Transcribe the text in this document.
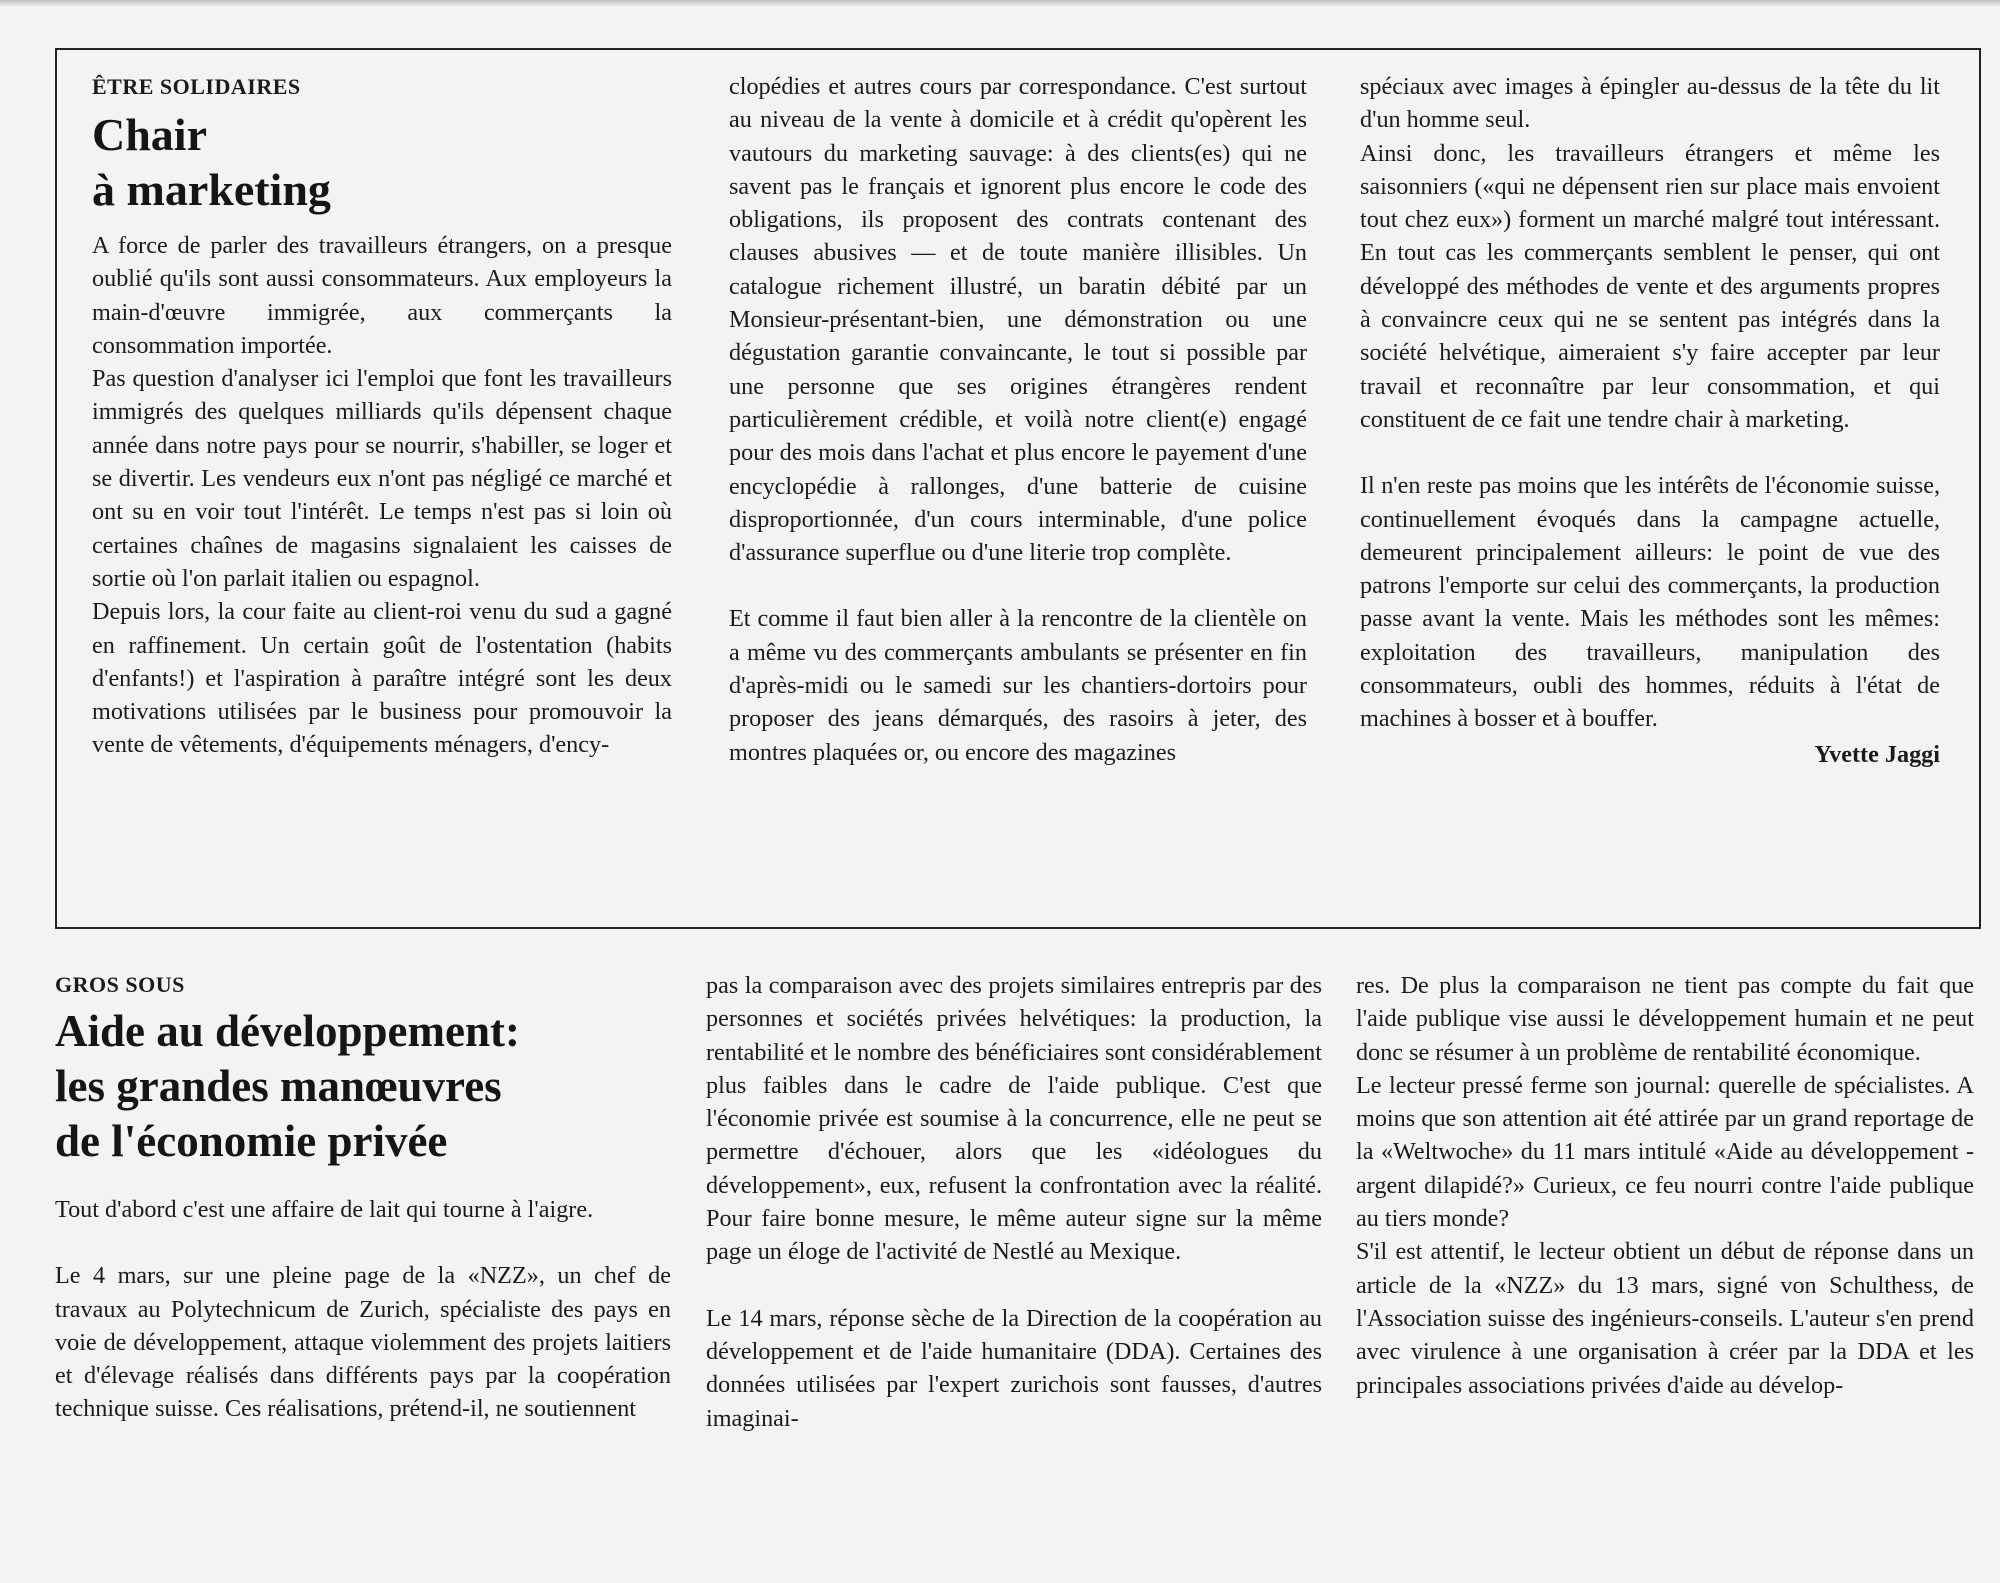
ÊTRE SOLIDAIRES
Chair
à marketing

A force de parler des travailleurs étrangers, on a presque oublié qu'ils sont aussi consommateurs. Aux employeurs la main-d'œuvre immigrée, aux commerçants la consommation importée.

Pas question d'analyser ici l'emploi que font les travailleurs immigrés des quelques milliards qu'ils dépensent chaque année dans notre pays pour se nourrir, s'habiller, se loger et se divertir. Les vendeurs eux n'ont pas négligé ce marché et ont su en voir tout l'intérêt. Le temps n'est pas si loin où certaines chaînes de magasins signalaient les caisses de sortie où l'on parlait italien ou espagnol.

Depuis lors, la cour faite au client-roi venu du sud a gagné en raffinement. Un certain goût de l'ostentation (habits d'enfants!) et l'aspiration à paraître intégré sont les deux motivations utilisées par le business pour promouvoir la vente de vêtements, d'équipements ménagers, d'ency-

clopédies et autres cours par correspondance. C'est surtout au niveau de la vente à domicile et à crédit qu'opèrent les vautours du marketing sauvage: à des clients(es) qui ne savent pas le français et ignorent plus encore le code des obligations, ils proposent des contrats contenant des clauses abusives — et de toute manière illisibles. Un catalogue richement illustré, un baratin débité par un Monsieur-présentant-bien, une démonstration ou une dégustation garantie convaincante, le tout si possible par une personne que ses origines étrangères rendent particulièrement crédible, et voilà notre client(e) engagé pour des mois dans l'achat et plus encore le payement d'une encyclopédie à rallonges, d'une batterie de cuisine disproportionnée, d'un cours interminable, d'une police d'assurance superflue ou d'une literie trop complète.

Et comme il faut bien aller à la rencontre de la clientèle on a même vu des commerçants ambulants se présenter en fin d'après-midi ou le samedi sur les chantiers-dortoirs pour proposer des jeans démarqués, des rasoirs à jeter, des montres plaquées or, ou encore des magazines

spéciaux avec images à épingler au-dessus de la tête du lit d'un homme seul.

Ainsi donc, les travailleurs étrangers et même les saisonniers («qui ne dépensent rien sur place mais envoient tout chez eux») forment un marché malgré tout intéressant. En tout cas les commerçants semblent le penser, qui ont développé des méthodes de vente et des arguments propres à convaincre ceux qui ne se sentent pas intégrés dans la société helvétique, aimeraient s'y faire accepter par leur travail et reconnaître par leur consommation, et qui constituent de ce fait une tendre chair à marketing.

Il n'en reste pas moins que les intérêts de l'économie suisse, continuellement évoqués dans la campagne actuelle, demeurent principalement ailleurs: le point de vue des patrons l'emporte sur celui des commerçants, la production passe avant la vente. Mais les méthodes sont les mêmes: exploitation des travailleurs, manipulation des consommateurs, oubli des hommes, réduits à l'état de machines à bosser et à bouffer.

Yvette Jaggi
GROS SOUS
Aide au développement:
les grandes manœuvres
de l'économie privée

Tout d'abord c'est une affaire de lait qui tourne à l'aigre.

Le 4 mars, sur une pleine page de la «NZZ», un chef de travaux au Polytechnicum de Zurich, spécialiste des pays en voie de développement, attaque violemment des projets laitiers et d'élevage réalisés dans différents pays par la coopération technique suisse. Ces réalisations, prétend-il, ne soutiennent

pas la comparaison avec des projets similaires entrepris par des personnes et sociétés privées helvétiques: la production, la rentabilité et le nombre des bénéficiaires sont considérablement plus faibles dans le cadre de l'aide publique. C'est que l'économie privée est soumise à la concurrence, elle ne peut se permettre d'échouer, alors que les «idéologues du développement», eux, refusent la confrontation avec la réalité. Pour faire bonne mesure, le même auteur signe sur la même page un éloge de l'activité de Nestlé au Mexique.

Le 14 mars, réponse sèche de la Direction de la coopération au développement et de l'aide humanitaire (DDA). Certaines des données utilisées par l'expert zurichois sont fausses, d'autres imaginai-

res. De plus la comparaison ne tient pas compte du fait que l'aide publique vise aussi le développement humain et ne peut donc se résumer à un problème de rentabilité économique.

Le lecteur pressé ferme son journal: querelle de spécialistes. A moins que son attention ait été attirée par un grand reportage de la «Weltwoche» du 11 mars intitulé «Aide au développement - argent dilapidé?» Curieux, ce feu nourri contre l'aide publique au tiers monde?

S'il est attentif, le lecteur obtient un début de réponse dans un article de la «NZZ» du 13 mars, signé von Schulthess, de l'Association suisse des ingénieurs-conseils. L'auteur s'en prend avec virulence à une organisation à créer par la DDA et les principales associations privées d'aide au dévelop-
